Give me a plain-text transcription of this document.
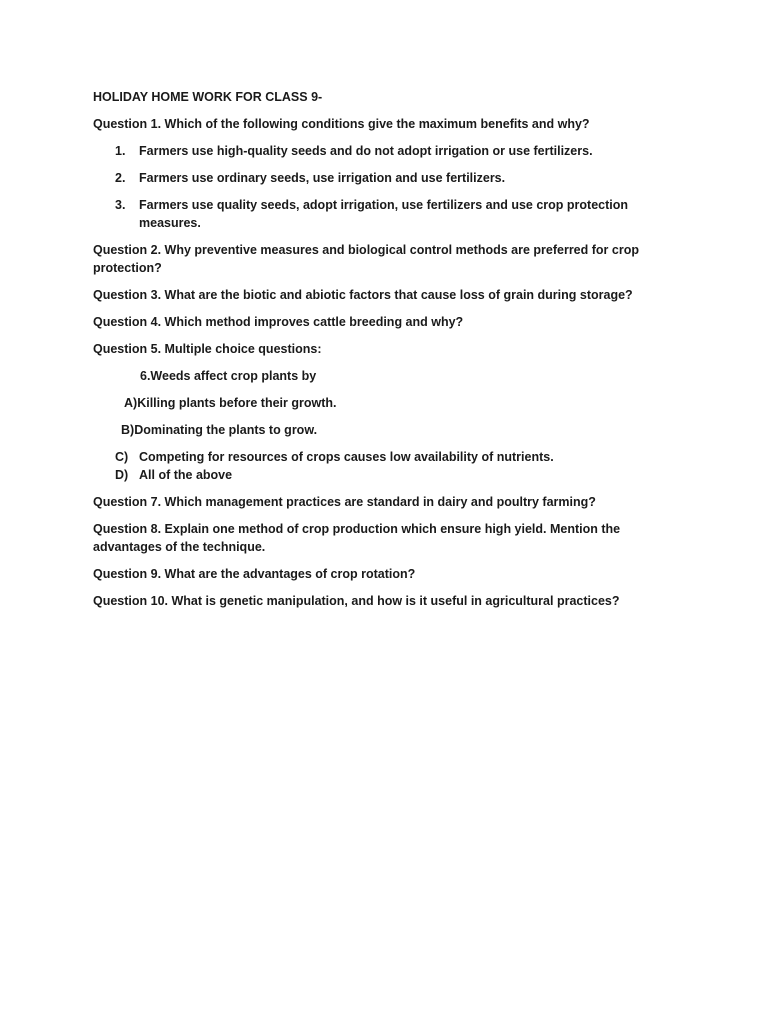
HOLIDAY HOME WORK FOR CLASS 9-

Question 1. Which of the following conditions give the maximum benefits and why?

1. Farmers use high-quality seeds and do not adopt irrigation or use fertilizers.
2. Farmers use ordinary seeds, use irrigation and use fertilizers.
3. Farmers use quality seeds, adopt irrigation, use fertilizers and use crop protection measures.

Question 2. Why preventive measures and biological control methods are preferred for crop protection?

Question 3. What are the biotic and abiotic factors that cause loss of grain during storage?

Question 4. Which method improves cattle breeding and why?

Question 5. Multiple choice questions:

6.Weeds affect crop plants by

A)Killing plants before their growth.

B)Dominating the plants to grow.

C) Competing for resources of crops causes low availability of nutrients.
D) All of the above

Question 7. Which management practices are standard in dairy and poultry farming?

Question 8. Explain one method of crop production which ensure high yield. Mention the advantages of the technique.

Question 9. What are the advantages of crop rotation?

Question 10. What is genetic manipulation, and how is it useful in agricultural practices?
